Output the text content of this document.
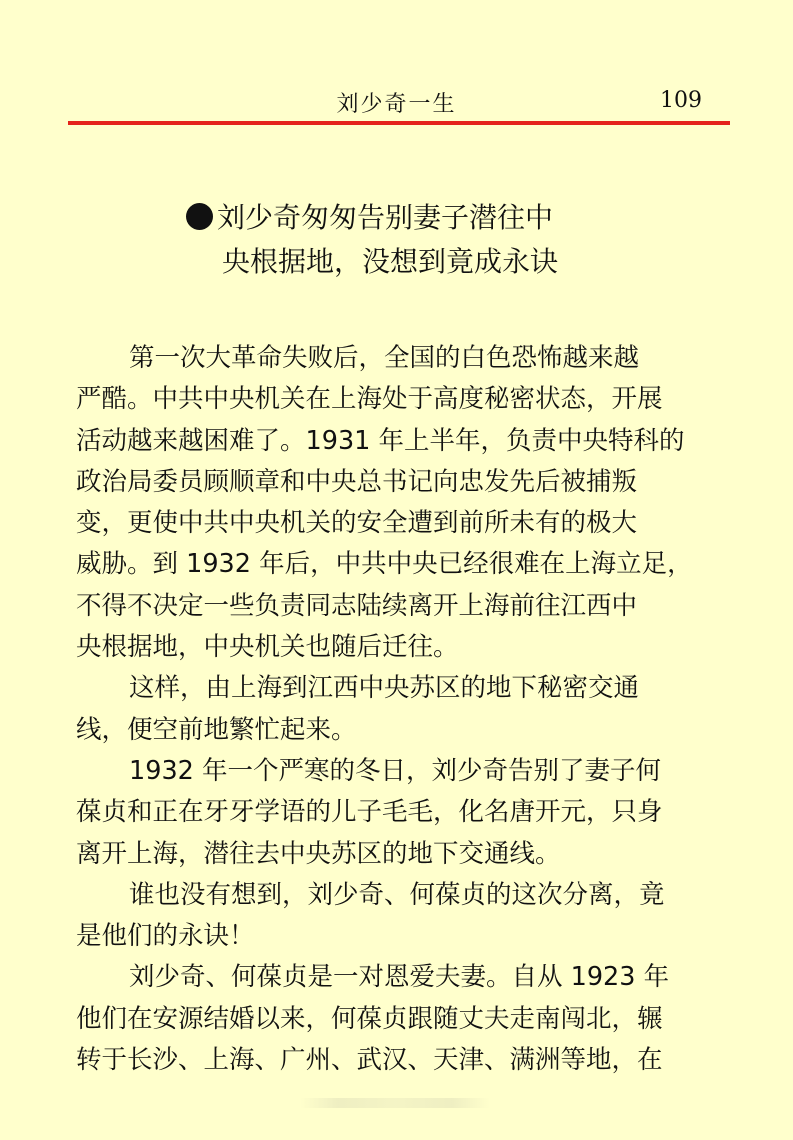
刘少奇一生	109
刘少奇匆匆告别妻子潜往中
央根据地，没想到竟成永诀
第一次大革命失败后，全国的白色恐怖越来越
严酷。中共中央机关在上海处于高度秘密状态，开展
活动越来越困难了。1931 年上半年，负责中央特科的
政治局委员顾顺章和中央总书记向忠发先后被捕叛
变，更使中共中央机关的安全遭到前所未有的极大
威胁。到 1932 年后，中共中央已经很难在上海立足，
不得不决定一些负责同志陆续离开上海前往江西中
央根据地，中央机关也随后迁往。
这样，由上海到江西中央苏区的地下秘密交通
线，便空前地繁忙起来。
1932 年一个严寒的冬日，刘少奇告别了妻子何
葆贞和正在牙牙学语的儿子毛毛，化名唐开元，只身
离开上海，潜往去中央苏区的地下交通线。
谁也没有想到，刘少奇、何葆贞的这次分离，竟
是他们的永诀！
刘少奇、何葆贞是一对恩爱夫妻。自从 1923 年
他们在安源结婚以来，何葆贞跟随丈夫走南闯北，辗
转于长沙、上海、广州、武汉、天津、满洲等地，在
